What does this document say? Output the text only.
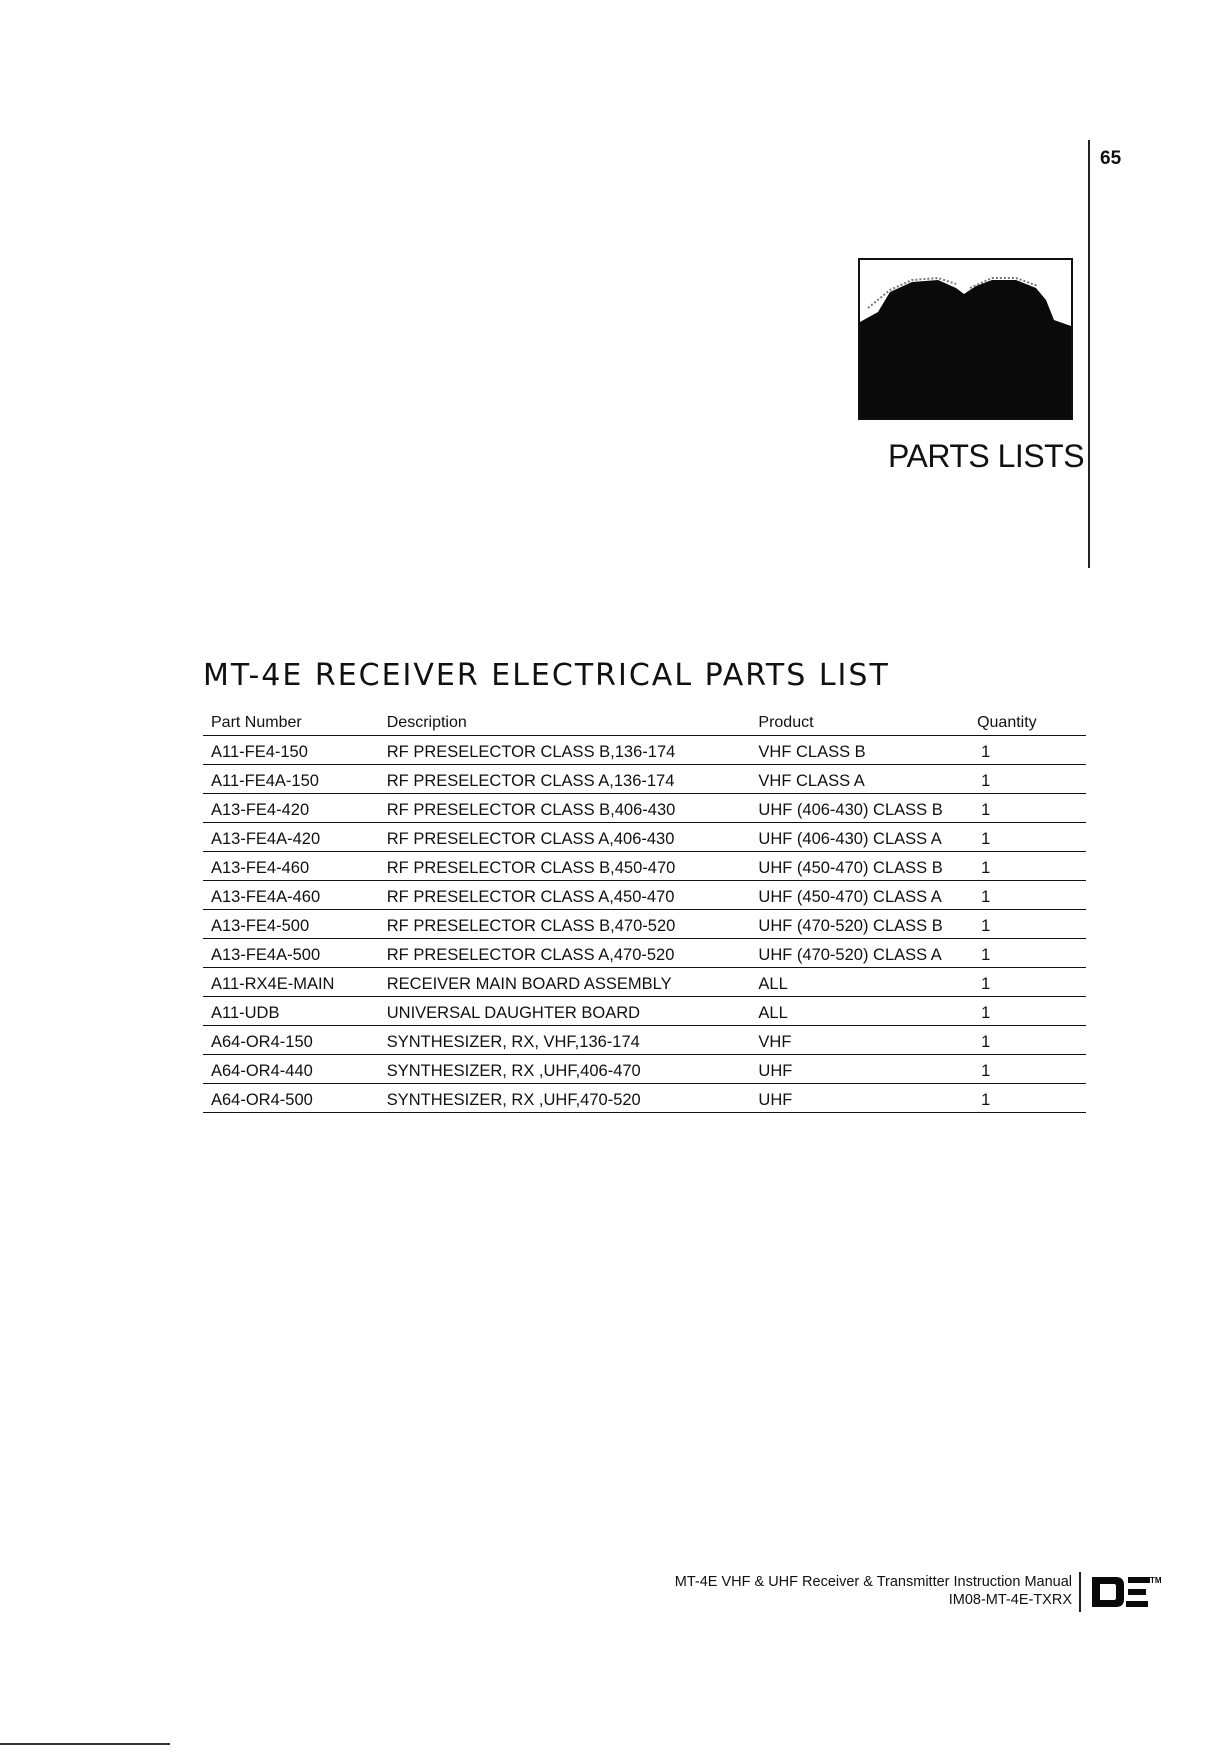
65
PARTS LISTS
MT-4E RECEIVER ELECTRICAL PARTS LIST
Part Number	Description	Product	Quantity
A11-FE4-150	RF PRESELECTOR CLASS B,136-174	VHF CLASS B	1
A11-FE4A-150	RF PRESELECTOR CLASS A,136-174	VHF CLASS A	1
A13-FE4-420	RF PRESELECTOR CLASS B,406-430	UHF (406-430) CLASS B	1
A13-FE4A-420	RF PRESELECTOR CLASS A,406-430	UHF (406-430) CLASS A	1
A13-FE4-460	RF PRESELECTOR CLASS B,450-470	UHF (450-470) CLASS B	1
A13-FE4A-460	RF PRESELECTOR CLASS A,450-470	UHF (450-470) CLASS A	1
A13-FE4-500	RF PRESELECTOR CLASS B,470-520	UHF (470-520) CLASS B	1
A13-FE4A-500	RF PRESELECTOR CLASS A,470-520	UHF (470-520) CLASS A	1
A11-RX4E-MAIN	RECEIVER MAIN BOARD ASSEMBLY	ALL	1
A11-UDB	UNIVERSAL DAUGHTER BOARD	ALL	1
A64-OR4-150	SYNTHESIZER, RX, VHF,136-174	VHF	1
A64-OR4-440	SYNTHESIZER, RX ,UHF,406-470	UHF	1
A64-OR4-500	SYNTHESIZER, RX ,UHF,470-520	UHF	1
MT-4E VHF & UHF Receiver & Transmitter Instruction Manual
IM08-MT-4E-TXRX
TM
